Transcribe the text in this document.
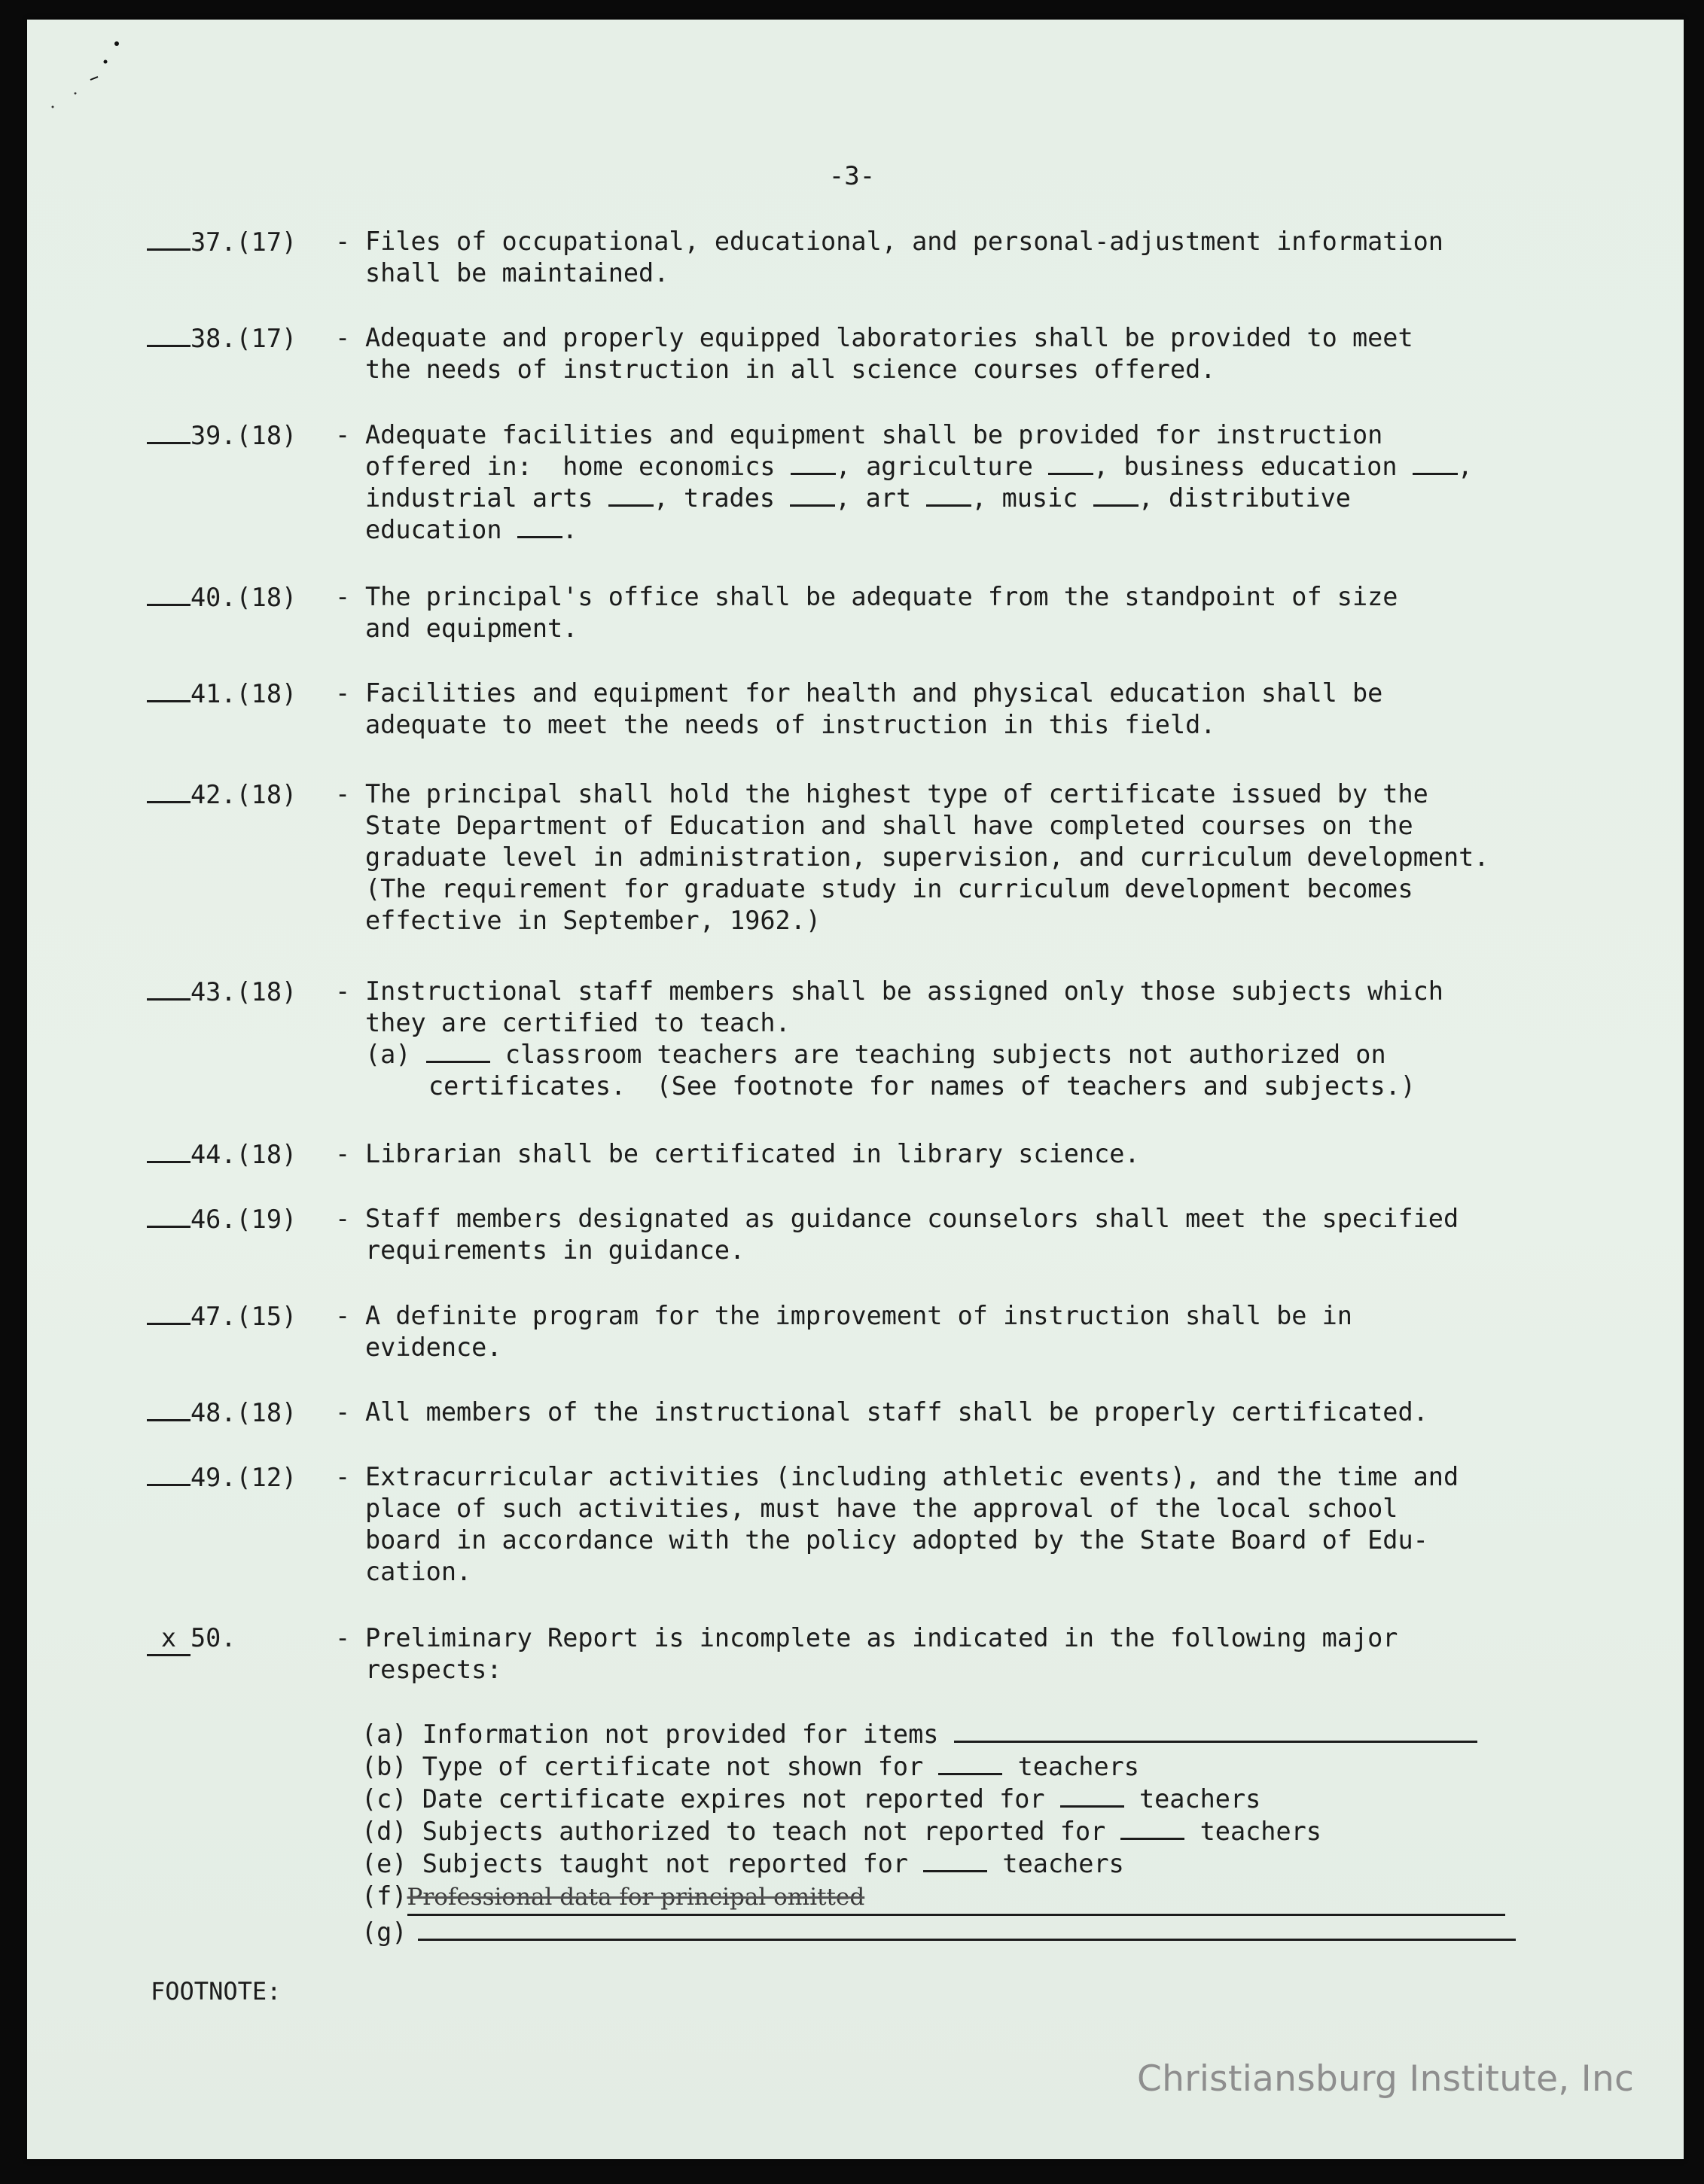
-3-
37.(17)	- Files of occupational, educational, and personal-adjustment information
shall be maintained.
38.(17)	- Adequate and properly equipped laboratories shall be provided to meet
the needs of instruction in all science courses offered.
39.(18)	- Adequate facilities and equipment shall be provided for instruction
offered in:  home economics , agriculture , business education ,
industrial arts , trades , art , music , distributive
education .
40.(18)	- The principal's office shall be adequate from the standpoint of size
and equipment.
41.(18)	- Facilities and equipment for health and physical education shall be
adequate to meet the needs of instruction in this field.
42.(18)	- The principal shall hold the highest type of certificate issued by the
State Department of Education and shall have completed courses on the
graduate level in administration, supervision, and curriculum development.
(The requirement for graduate study in curriculum development becomes
effective in September, 1962.)
43.(18)	- Instructional staff members shall be assigned only those subjects which
they are certified to teach.
(a)	classroom teachers are teaching subjects not authorized on
certificates.  (See footnote for names of teachers and subjects.)
44.(18)	- Librarian shall be certificated in library science.
46.(19)	- Staff members designated as guidance counselors shall meet the specified
requirements in guidance.
47.(15)	- A definite program for the improvement of instruction shall be in
evidence.
48.(18)	- All members of the instructional staff shall be properly certificated.
49.(12)	- Extracurricular activities (including athletic events), and the time and
place of such activities, must have the approval of the local school
board in accordance with the policy adopted by the State Board of Edu-
cation.
x 50.	- Preliminary Report is incomplete as indicated in the following major
respects:
(a) Information not provided for items
(b) Type of certificate not shown for	teachers
(c) Date certificate expires not reported for	teachers
(d) Subjects authorized to teach not reported for	teachers
(e) Subjects taught not reported for	teachers
(f)Professional data for principal omitted
(g)
FOOTNOTE:
Christiansburg Institute, Inc
